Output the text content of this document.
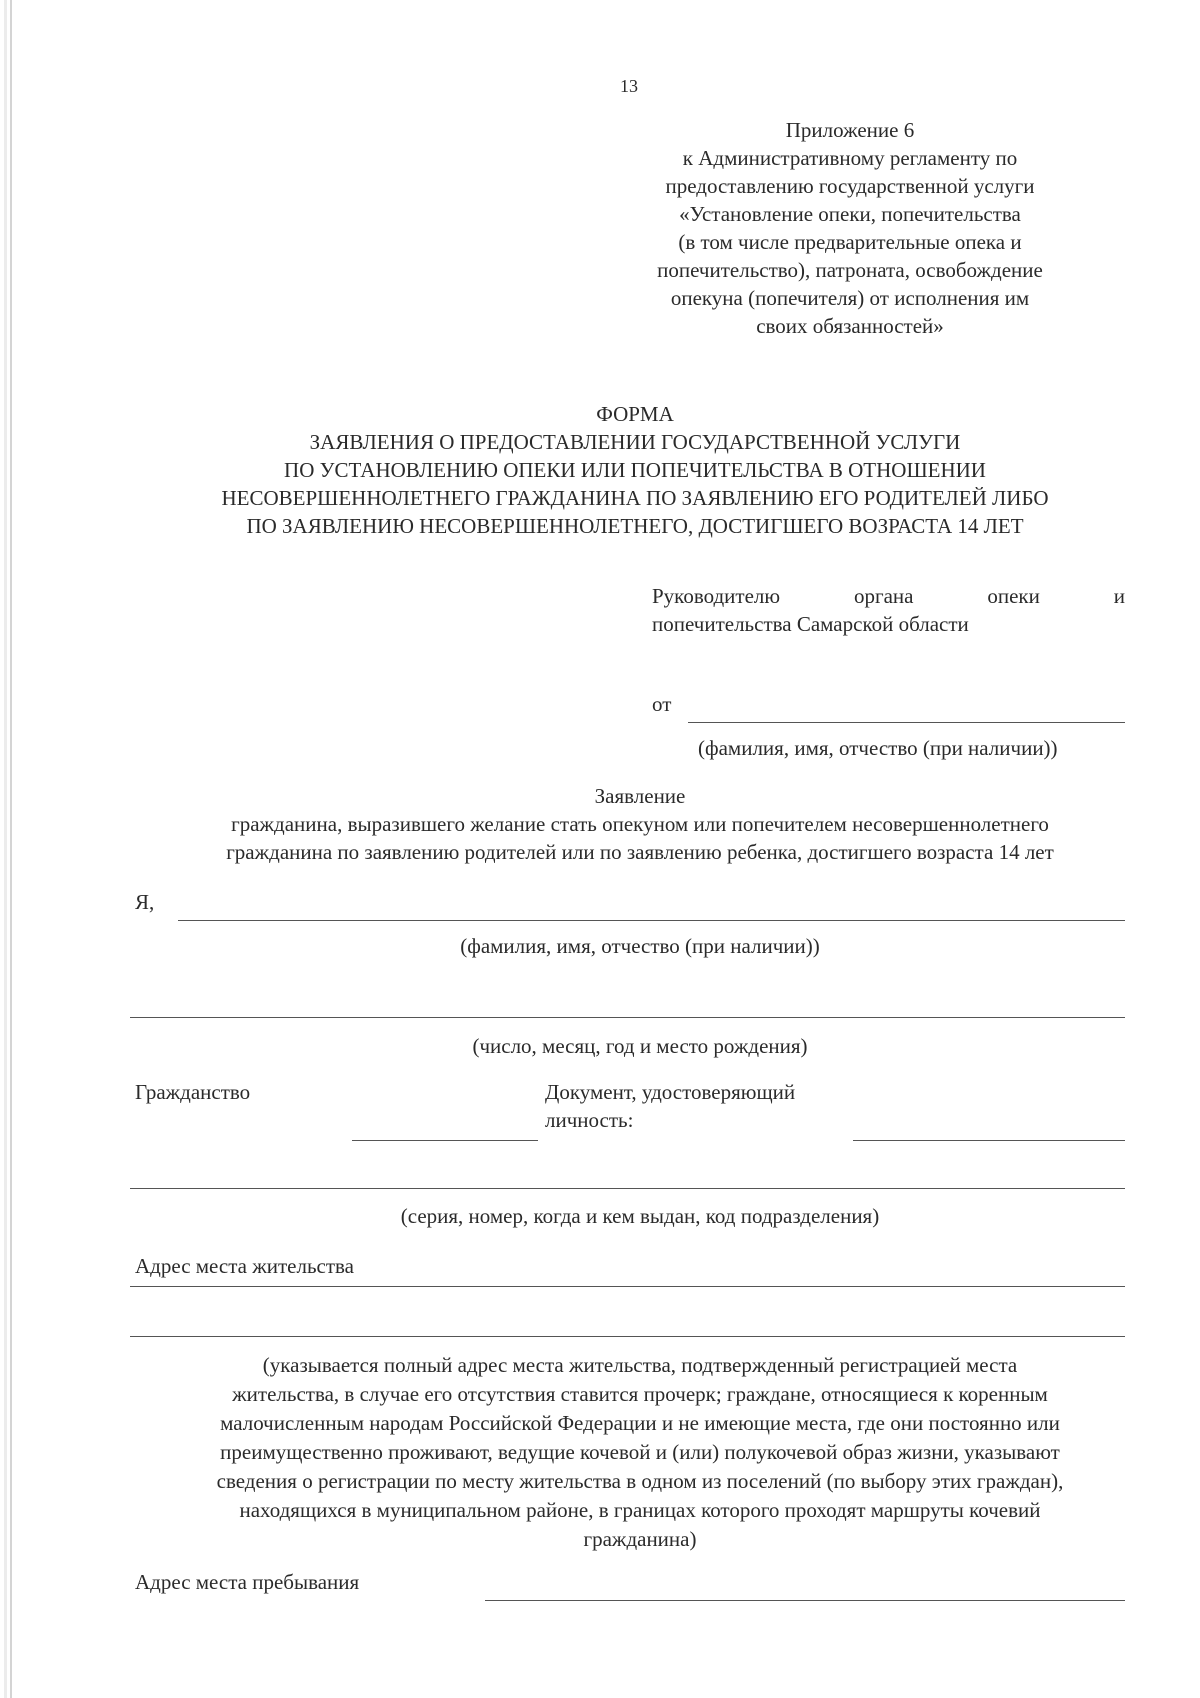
13
Приложение 6
к Административному регламенту по
предоставлению государственной услуги
«Установление опеки, попечительства
(в том числе предварительные опека и
попечительство), патроната, освобождение
опекуна (попечителя) от исполнения им
своих обязанностей»
ФОРМА
ЗАЯВЛЕНИЯ О ПРЕДОСТАВЛЕНИИ ГОСУДАРСТВЕННОЙ УСЛУГИ
ПО УСТАНОВЛЕНИЮ ОПЕКИ ИЛИ ПОПЕЧИТЕЛЬСТВА В ОТНОШЕНИИ
НЕСОВЕРШЕННОЛЕТНЕГО ГРАЖДАНИНА ПО ЗАЯВЛЕНИЮ ЕГО РОДИТЕЛЕЙ ЛИБО
ПО ЗАЯВЛЕНИЮ НЕСОВЕРШЕННОЛЕТНЕГО, ДОСТИГШЕГО ВОЗРАСТА 14 ЛЕТ
Руководителю	органа	опеки	и
попечительства Самарской области
от
(фамилия, имя, отчество (при наличии))
Заявление
гражданина, выразившего желание стать опекуном или попечителем несовершеннолетнего
гражданина по заявлению родителей или по заявлению ребенка, достигшего возраста 14 лет
Я,
(фамилия, имя, отчество (при наличии))
(число, месяц, год и место рождения)
Гражданство	Документ, удостоверяющий
личность:
(серия, номер, когда и кем выдан, код подразделения)
Адрес места жительства
(указывается полный адрес места жительства, подтвержденный регистрацией места
жительства, в случае его отсутствия ставится прочерк; граждане, относящиеся к коренным
малочисленным народам Российской Федерации и не имеющие места, где они постоянно или
преимущественно проживают, ведущие кочевой и (или) полукочевой образ жизни, указывают
сведения о регистрации по месту жительства в одном из поселений (по выбору этих граждан),
находящихся в муниципальном районе, в границах которого проходят маршруты кочевий
гражданина)
Адрес места пребывания
